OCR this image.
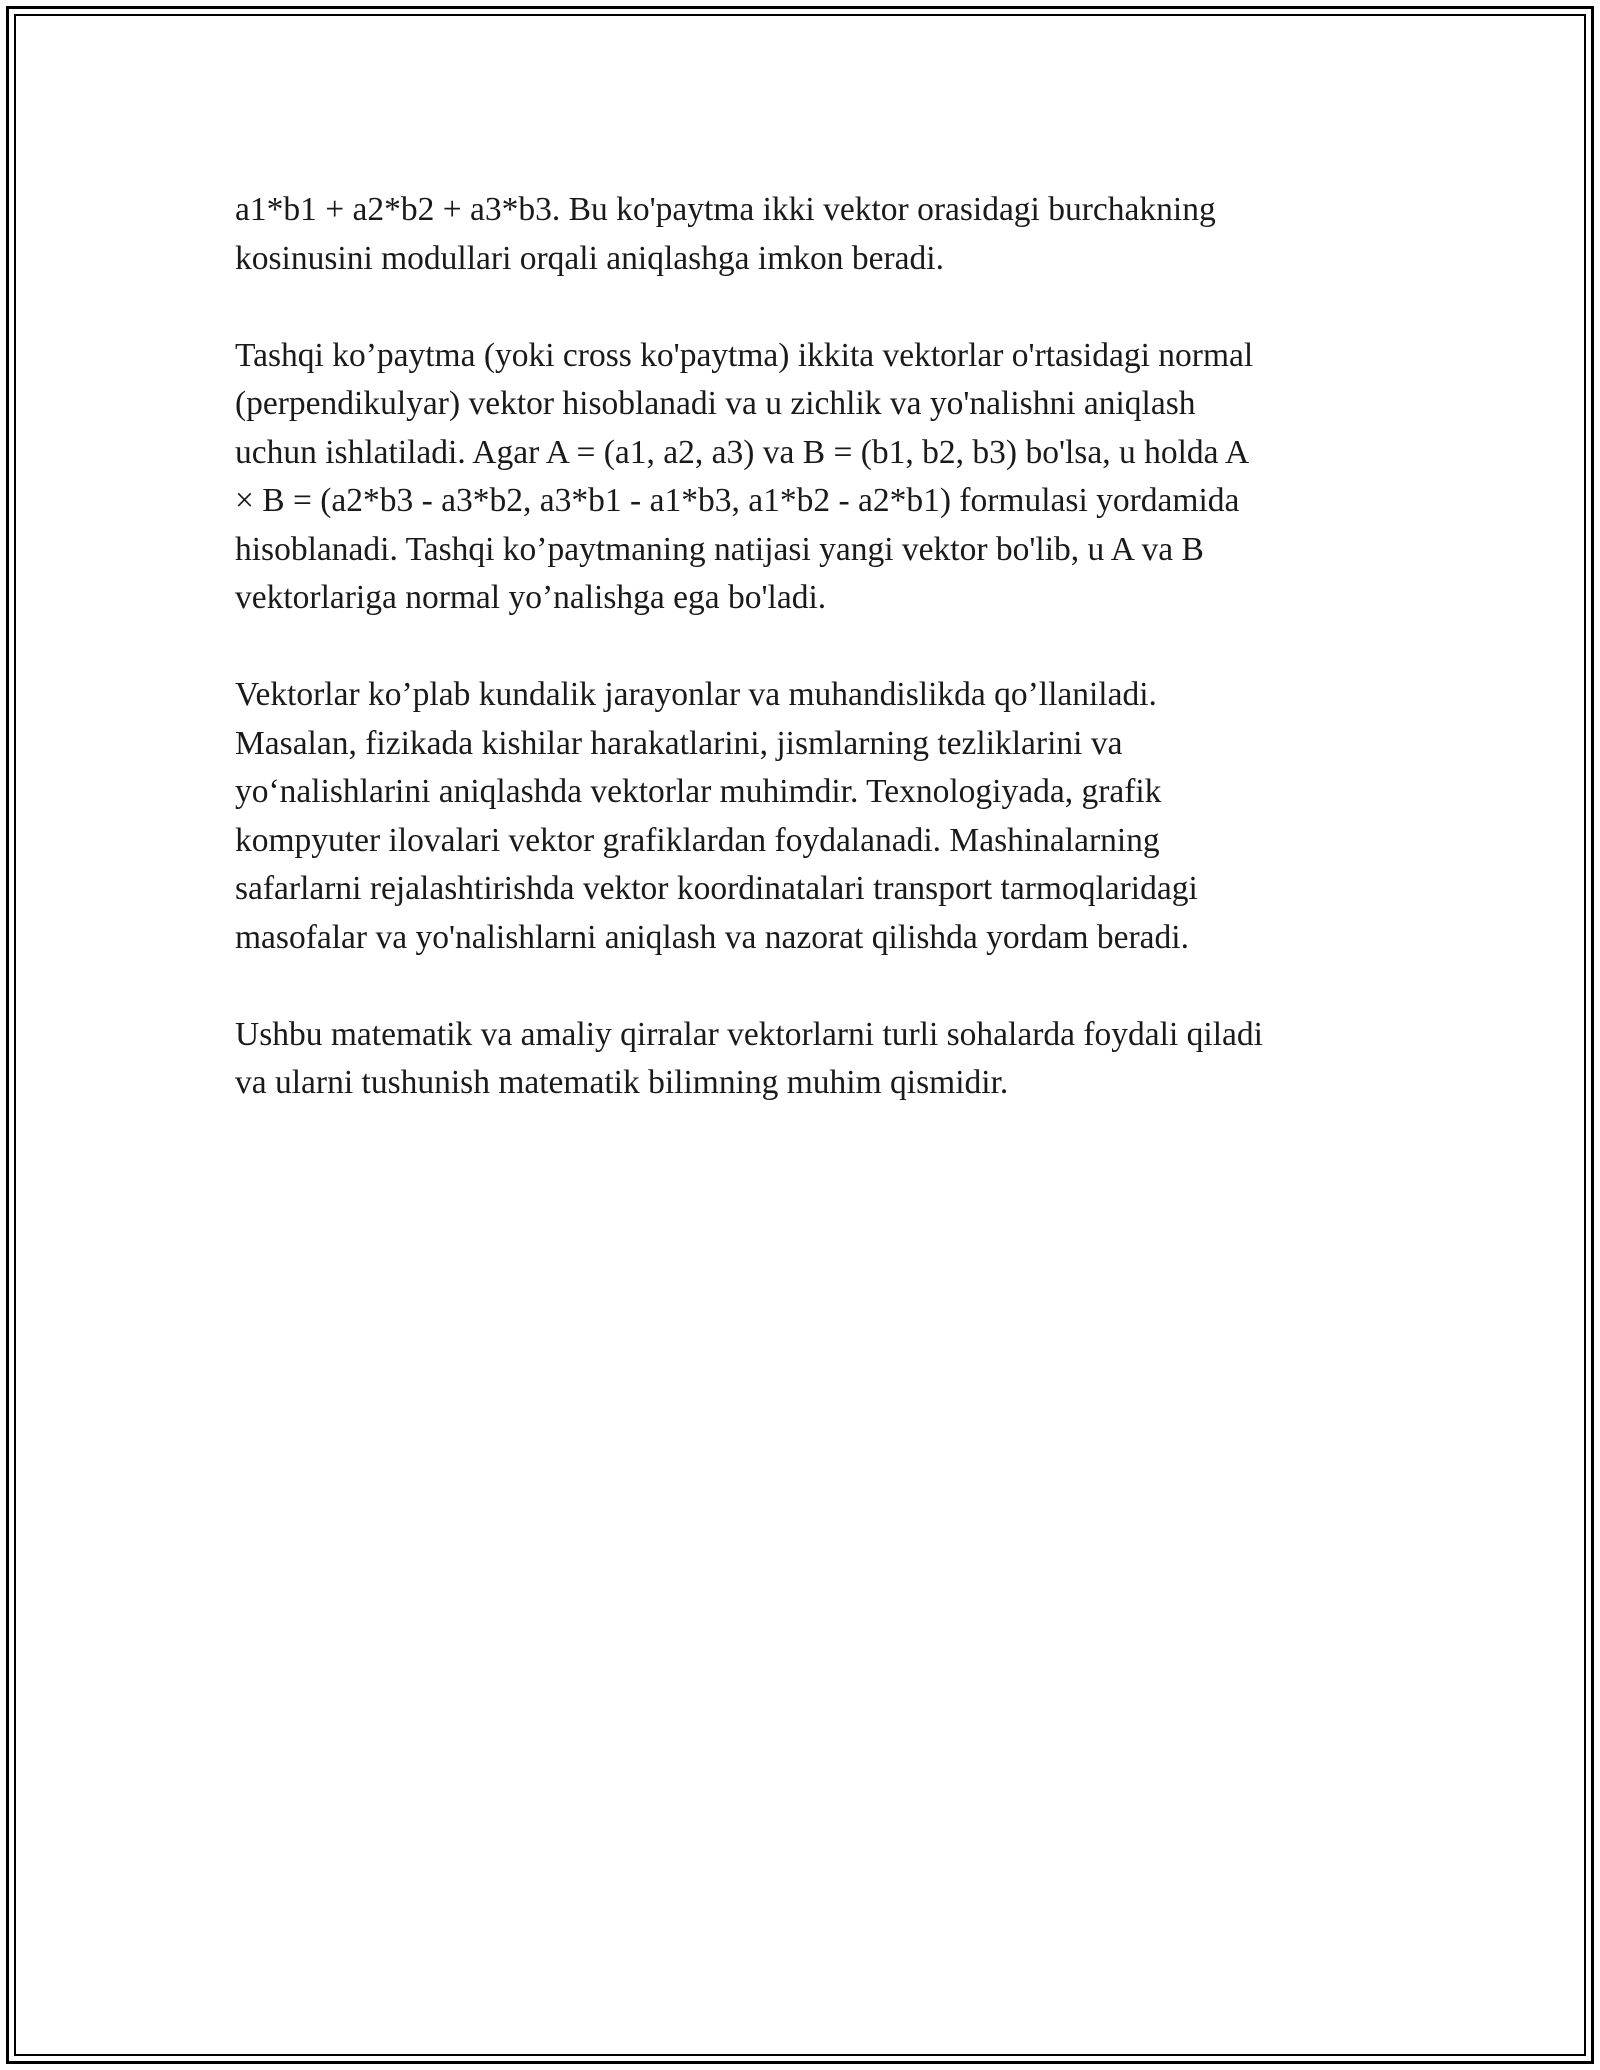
a1*b1 + a2*b2 + a3*b3. Bu ko'paytma ikki vektor orasidagi burchakning
kosinusini modullari orqali aniqlashga imkon beradi.

Tashqi ko’paytma (yoki cross ko'paytma) ikkita vektorlar o'rtasidagi normal
(perpendikulyar) vektor hisoblanadi va u zichlik va yo'nalishni aniqlash
uchun ishlatiladi. Agar A = (a1, a2, a3) va B = (b1, b2, b3) bo'lsa, u holda A
× B = (a2*b3 - a3*b2, a3*b1 - a1*b3, a1*b2 - a2*b1) formulasi yordamida
hisoblanadi. Tashqi ko’paytmaning natijasi yangi vektor bo'lib, u A va B
vektorlariga normal yo’nalishga ega bo'ladi.

Vektorlar ko’plab kundalik jarayonlar va muhandislikda qo’llaniladi.
Masalan, fizikada kishilar harakatlarini, jismlarning tezliklarini va
yo‘nalishlarini aniqlashda vektorlar muhimdir. Texnologiyada, grafik
kompyuter ilovalari vektor grafiklardan foydalanadi. Mashinalarning
safarlarni rejalashtirishda vektor koordinatalari transport tarmoqlaridagi
masofalar va yo'nalishlarni aniqlash va nazorat qilishda yordam beradi.

Ushbu matematik va amaliy qirralar vektorlarni turli sohalarda foydali qiladi
va ularni tushunish matematik bilimning muhim qismidir.
